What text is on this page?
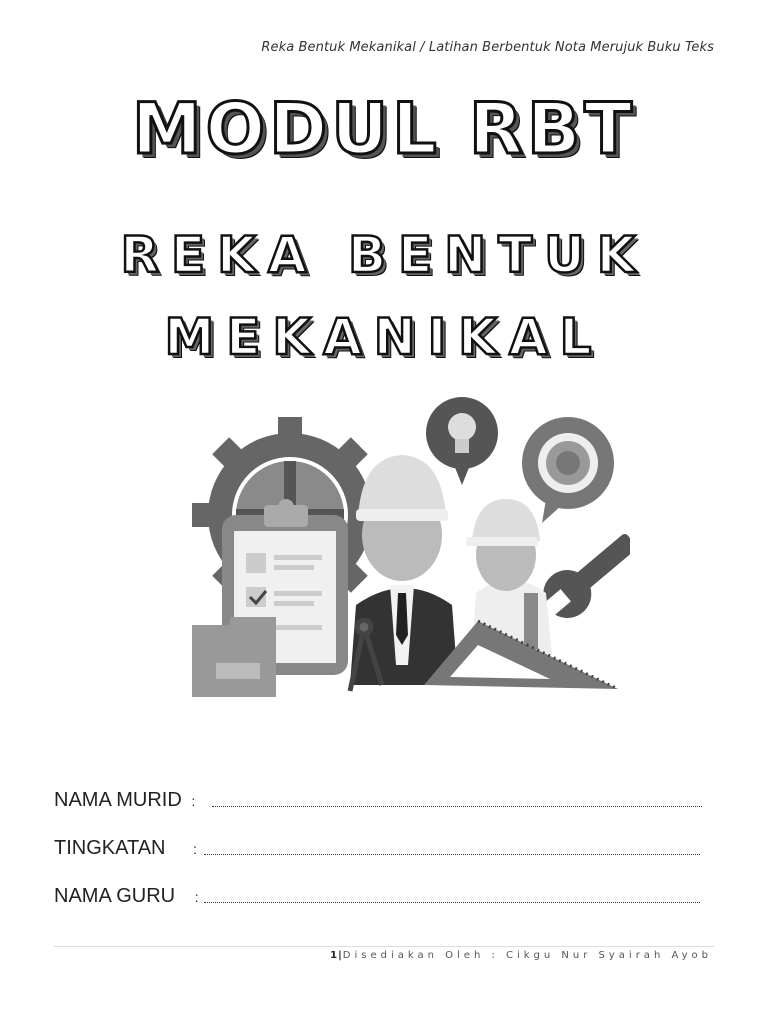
Reka Bentuk Mekanikal / Latihan Berbentuk Nota Merujuk Buku Teks
MODUL RBT
REKA BENTUK
MEKANIKAL
NAMA MURID :
TINGKATAN :
NAMA GURU :
1|Disediakan Oleh : Cikgu Nur Syairah Ayob
